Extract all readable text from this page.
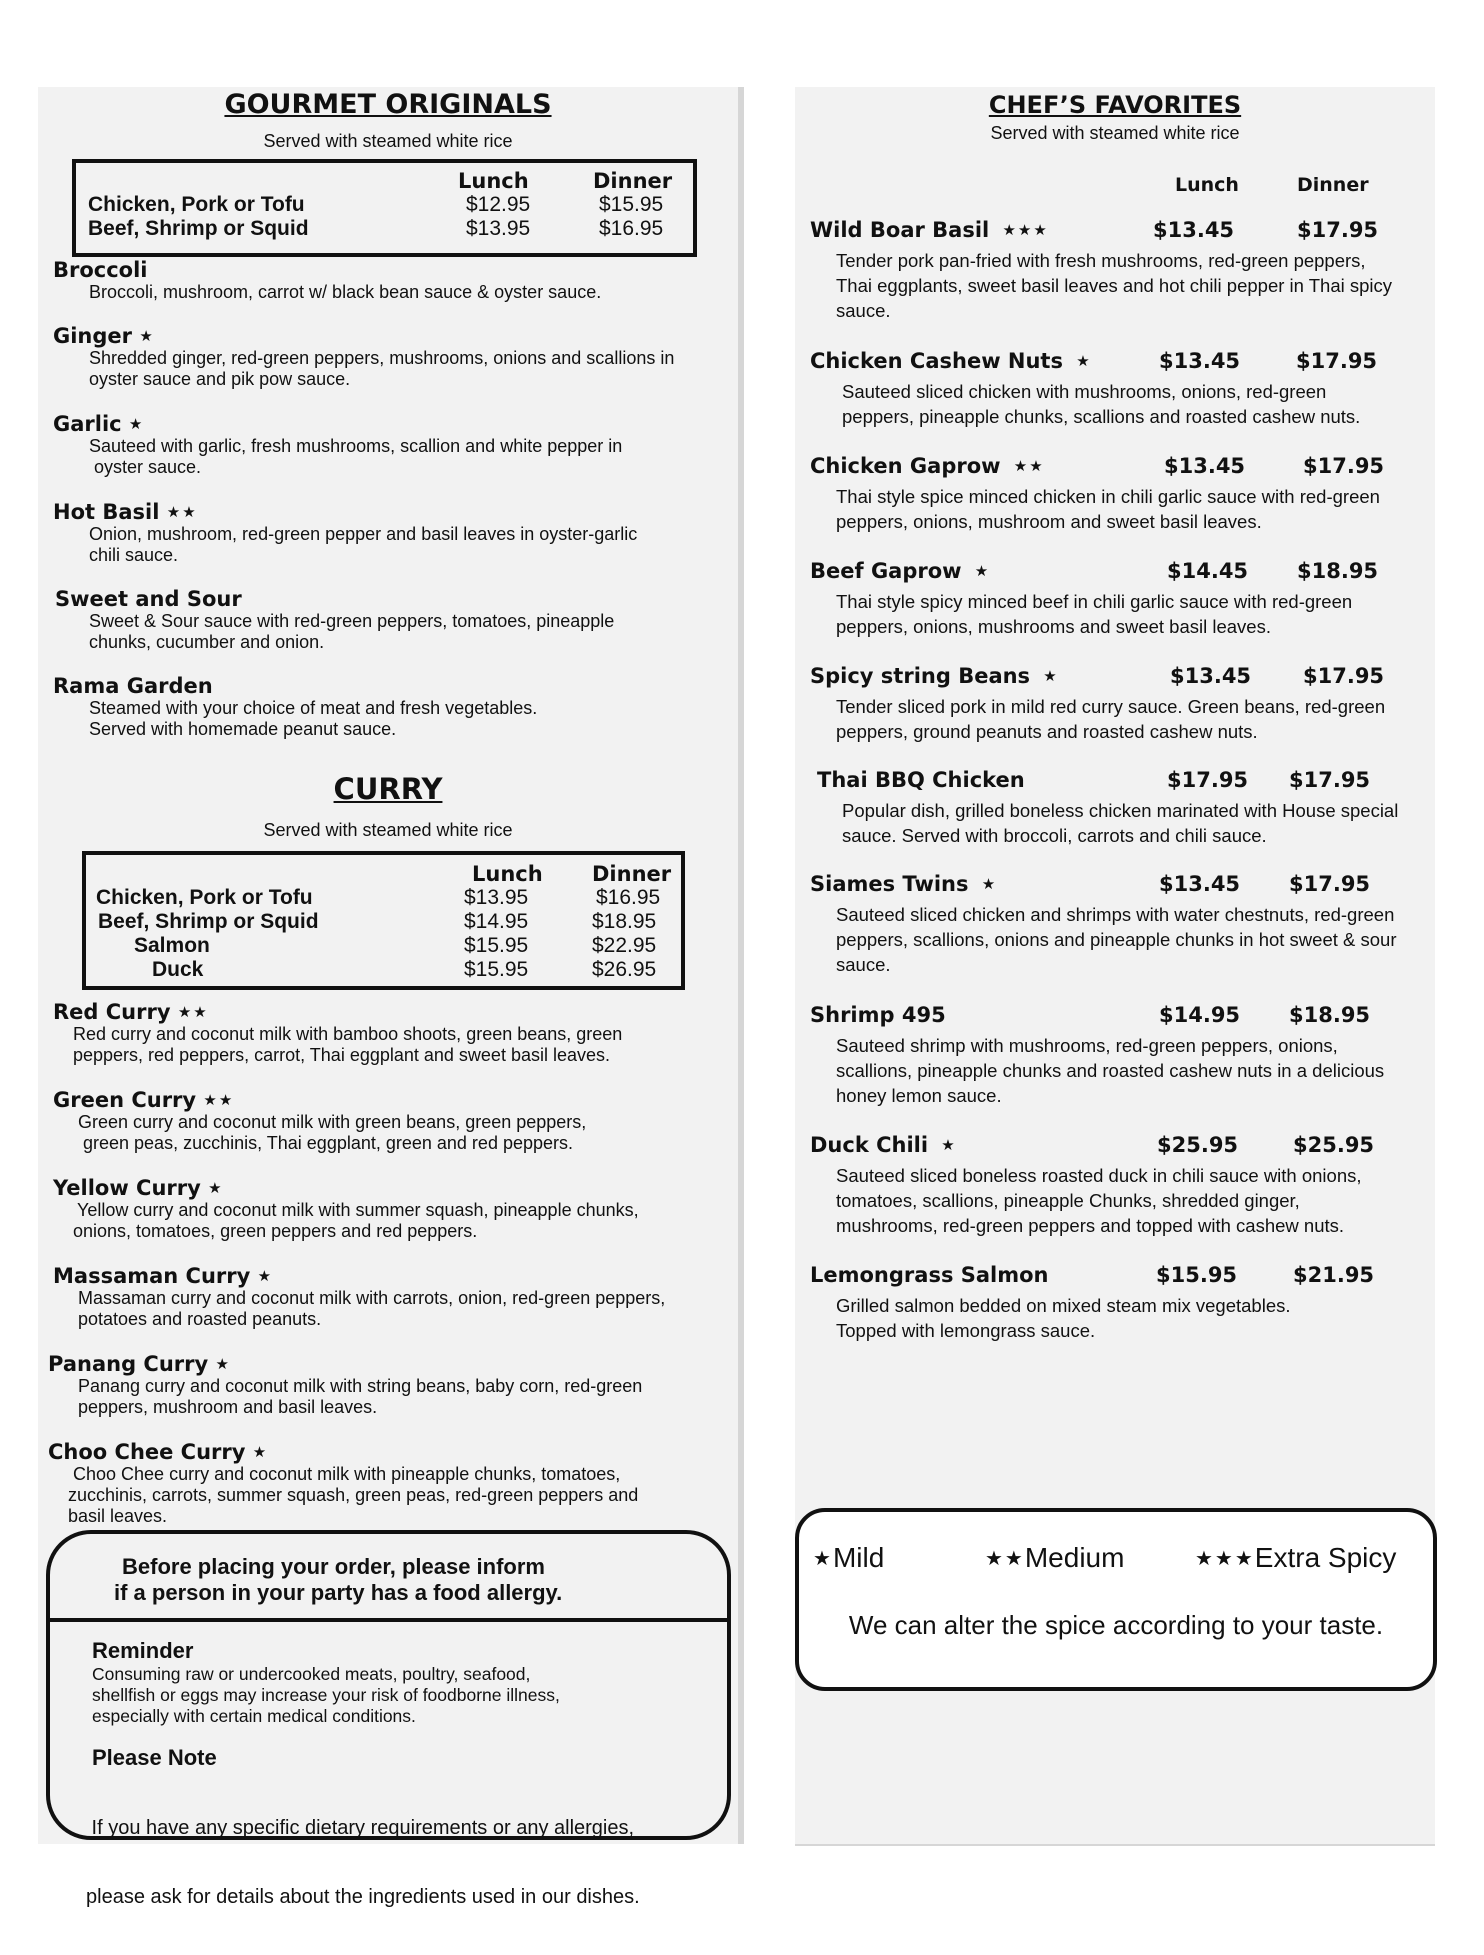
GOURMET ORIGINALS
Served with steamed white rice
	Lunch	Dinner
Chicken, Pork or Tofu	$12.95	$15.95
Beef, Shrimp or Squid	$13.95	$16.95
Broccoli
Broccoli, mushroom, carrot w/ black bean sauce & oyster sauce.
Ginger ★
Shredded ginger, red-green peppers, mushrooms, onions and scallions in
oyster sauce and pik pow sauce.
Garlic ★
Sauteed with garlic, fresh mushrooms, scallion and white pepper in
oyster sauce.
Hot Basil ★★
Onion, mushroom, red-green pepper and basil leaves in oyster-garlic
chili sauce.
Sweet and Sour
Sweet & Sour sauce with red-green peppers, tomatoes, pineapple
chunks, cucumber and onion.
Rama Garden
Steamed with your choice of meat and fresh vegetables.
Served with homemade peanut sauce.
CURRY
Served with steamed white rice
	Lunch	Dinner
Chicken, Pork or Tofu	$13.95	$16.95
Beef, Shrimp or Squid	$14.95	$18.95
Salmon	$15.95	$22.95
Duck	$15.95	$26.95
Red Curry ★★
Red curry and coconut milk with bamboo shoots, green beans, green
peppers, red peppers, carrot, Thai eggplant and sweet basil leaves.
Green Curry ★★
Green curry and coconut milk with green beans, green peppers,
green peas, zucchinis, Thai eggplant, green and red peppers.
Yellow Curry ★
Yellow curry and coconut milk with summer squash, pineapple chunks,
onions, tomatoes, green peppers and red peppers.
Massaman Curry ★
Massaman curry and coconut milk with carrots, onion, red-green peppers,
potatoes and roasted peanuts.
Panang Curry ★
Panang curry and coconut milk with string beans, baby corn, red-green
peppers, mushroom and basil leaves.
Choo Chee Curry ★
Choo Chee curry and coconut milk with pineapple chunks, tomatoes,
zucchinis, carrots, summer squash, green peas, red-green peppers and
basil leaves.
Before placing your order, please inform
if a person in your party has a food allergy.
Reminder
Consuming raw or undercooked meats, poultry, seafood,
shellfish or eggs may increase your risk of foodborne illness,
especially with certain medical conditions.
Please Note

If you have any specific dietary requirements or any allergies,

please ask for details about the ingredients used in our dishes.

CHEF’S FAVORITES
Served with steamed white rice
Lunch	Dinner
Wild Boar Basil ★★★	$13.45	$17.95
Tender pork pan-fried with fresh mushrooms, red-green peppers,
Thai eggplants, sweet basil leaves and hot chili pepper in Thai spicy
sauce.
Chicken Cashew Nuts ★	$13.45	$17.95
Sauteed sliced chicken with mushrooms, onions, red-green
peppers, pineapple chunks, scallions and roasted cashew nuts.
Chicken Gaprow ★★	$13.45	$17.95
Thai style spice minced chicken in chili garlic sauce with red-green
peppers, onions, mushroom and sweet basil leaves.
Beef Gaprow ★	$14.45 $18.95
Thai style spicy minced beef in chili garlic sauce with red-green
peppers, onions, mushrooms and sweet basil leaves.
Spicy string Beans ★	$13.45 $17.95
Tender sliced pork in mild red curry sauce. Green beans, red-green
peppers, ground peanuts and roasted cashew nuts.
Thai BBQ Chicken	$17.95 $17.95
Popular dish, grilled boneless chicken marinated with House special
sauce. Served with broccoli, carrots and chili sauce.
Siames Twins ★	$13.45 $17.95
Sauteed sliced chicken and shrimps with water chestnuts, red-green
peppers, scallions, onions and pineapple chunks in hot sweet & sour
sauce.
Shrimp 495	$14.95 $18.95
Sauteed shrimp with mushrooms, red-green peppers, onions,
scallions, pineapple chunks and roasted cashew nuts in a delicious
honey lemon sauce.
Duck Chili ★	$25.95	$25.95
Sauteed sliced boneless roasted duck in chili sauce with onions,
tomatoes, scallions, pineapple Chunks, shredded ginger,
mushrooms, red-green peppers and topped with cashew nuts.
Lemongrass Salmon	$15.95	$21.95
Grilled salmon bedded on mixed steam mix vegetables.
Topped with lemongrass sauce.
★Mild	★★Medium	★★★Extra Spicy
We can alter the spice according to your taste.
